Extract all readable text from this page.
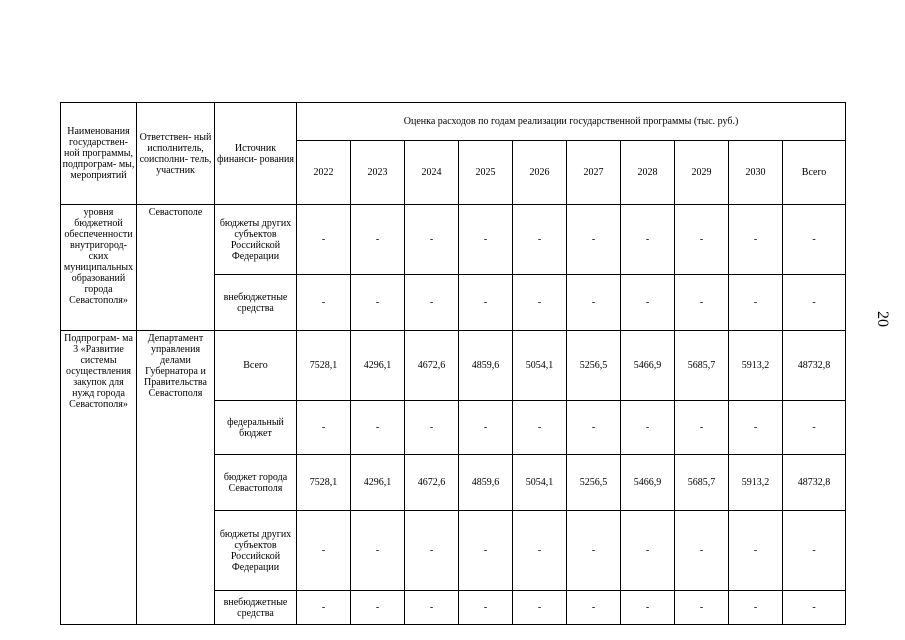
Наименования государствен- ной программы, подпрограм- мы, мероприятий	Ответствен- ный исполнитель, соисполни- тель, участник	Источник финанси- рования	Оценка расходов по годам реализации государственной программы (тыс. руб.)									
			2022	2023	2024	2025	2026	2027	2028	2029	2030	Всего
уровня бюджетной обеспеченности внутригород- ских муниципальных образований города Севастополя»	Севастополе	бюджеты других субъектов Российской Федерации	-	-	-	-	-	-	-	-	-	-
		внебюджетные средства	-	-	-	-	-	-	-	-	-	-
Подпрограм- ма 3 «Развитие системы осуществления закупок для нужд города Севастополя»	Департамент управления делами Губернатора и Правительства Севастополя	Всего	7528,1	4296,1	4672,6	4859,6	5054,1	5256,5	5466,9	5685,7	5913,2	48732,8
		федеральный бюджет	-	-	-	-	-	-	-	-	-	-
		бюджет города Севастополя	7528,1	4296,1	4672,6	4859,6	5054,1	5256,5	5466,9	5685,7	5913,2	48732,8
		бюджеты других субъектов Российской Федерации	-	-	-	-	-	-	-	-	-	-
		внебюджетные средства	-	-	-	-	-	-	-	-	-	-
20
